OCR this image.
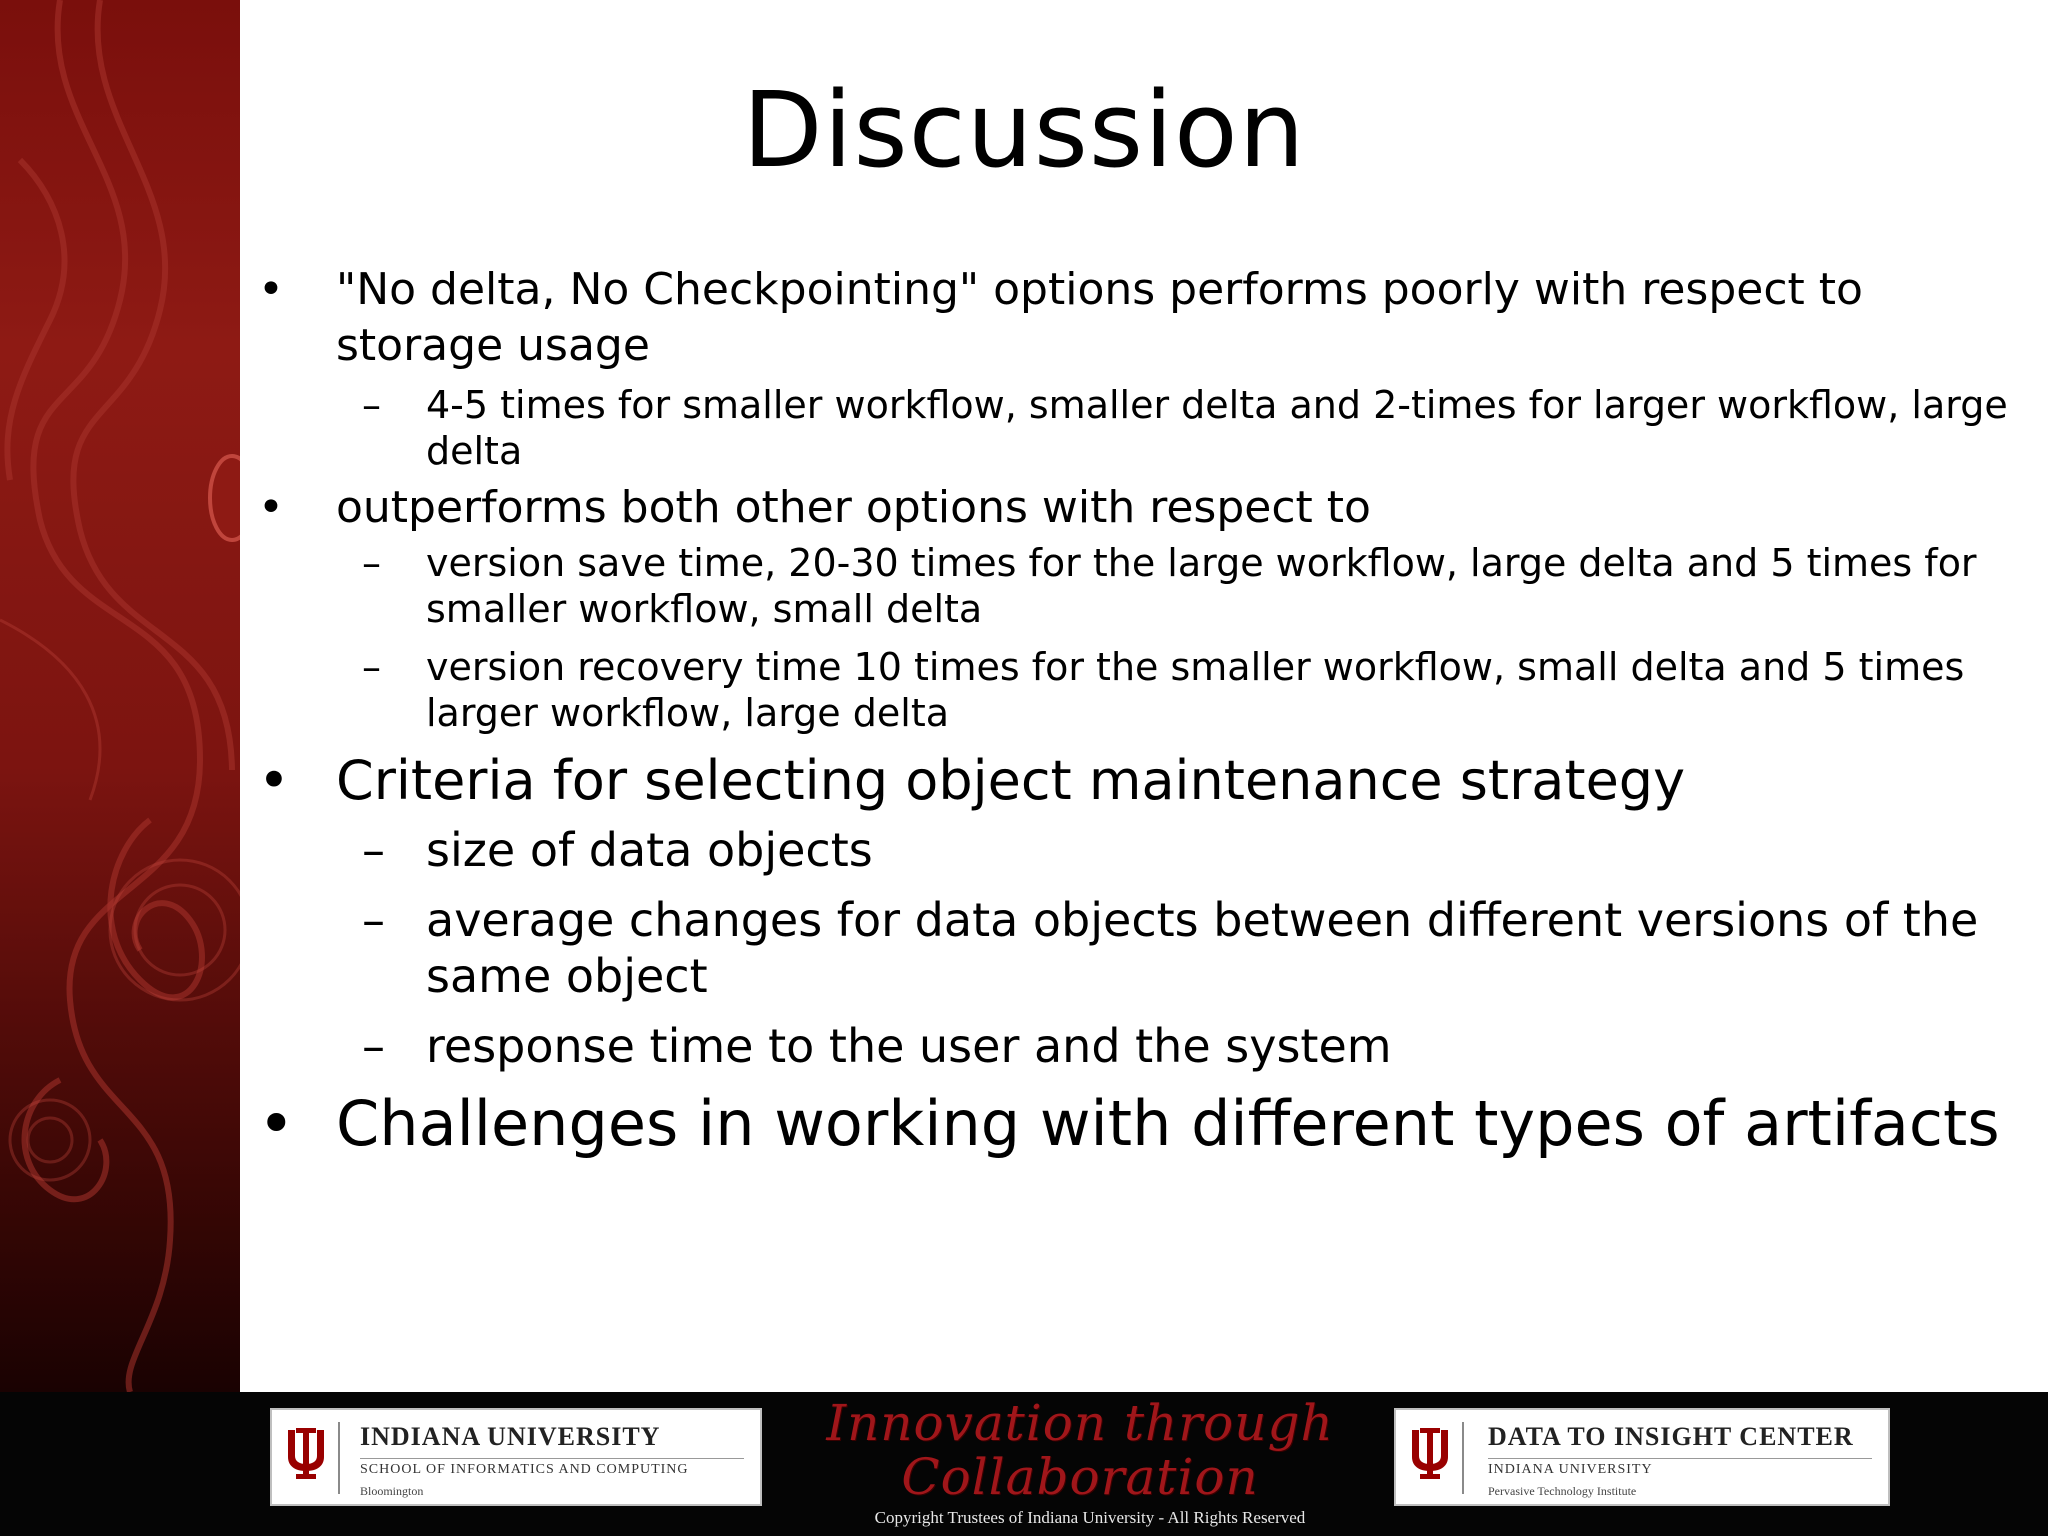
Discussion
• "No delta, No Checkpointing" options performs poorly with respect to storage usage
– 4-5 times for smaller workflow, smaller delta and 2-times for larger workflow, large delta
• outperforms both other options with respect to
– version save time, 20-30 times for the large workflow, large delta and 5 times for smaller workflow, small delta
– version recovery time 10 times for the smaller workflow, small delta and 5 times larger workflow, large delta
• Criteria for selecting object maintenance strategy
– size of data objects
– average changes for data objects between different versions of the same object
– response time to the user and the system
• Challenges in working with different types of artifacts
INDIANA UNIVERSITY
SCHOOL OF INFORMATICS AND COMPUTING
Bloomington
Innovation through
Collaboration
DATA TO INSIGHT CENTER
INDIANA UNIVERSITY
Pervasive Technology Institute
Copyright Trustees of Indiana University - All Rights Reserved
